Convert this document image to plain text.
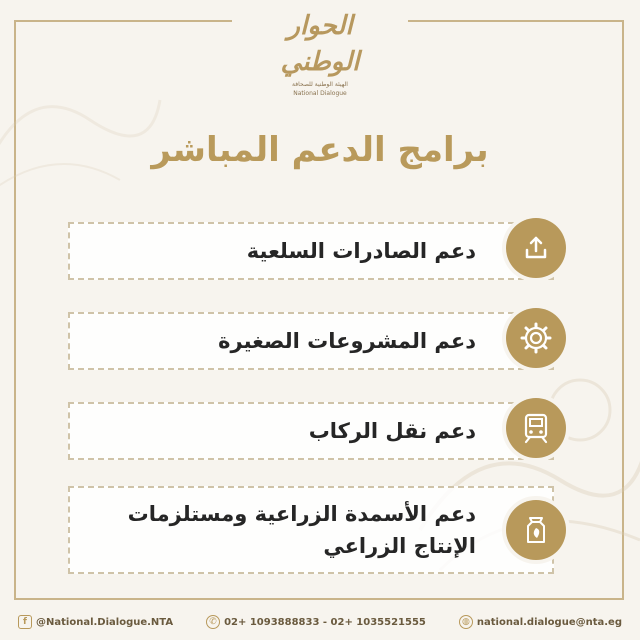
الحوار الوطني
الهيئة الوطنية للصحافة
National Dialogue
برامج الدعم المباشر
دعم الصادرات السلعية
دعم المشروعات الصغيرة
دعم نقل الركاب
دعم الأسمدة الزراعية ومستلزمات الإنتاج الزراعي
f @National.Dialogue.NTA	✆ 02+ 1093888833 - 02+ 1035521555	◍ national.dialogue@nta.eg
